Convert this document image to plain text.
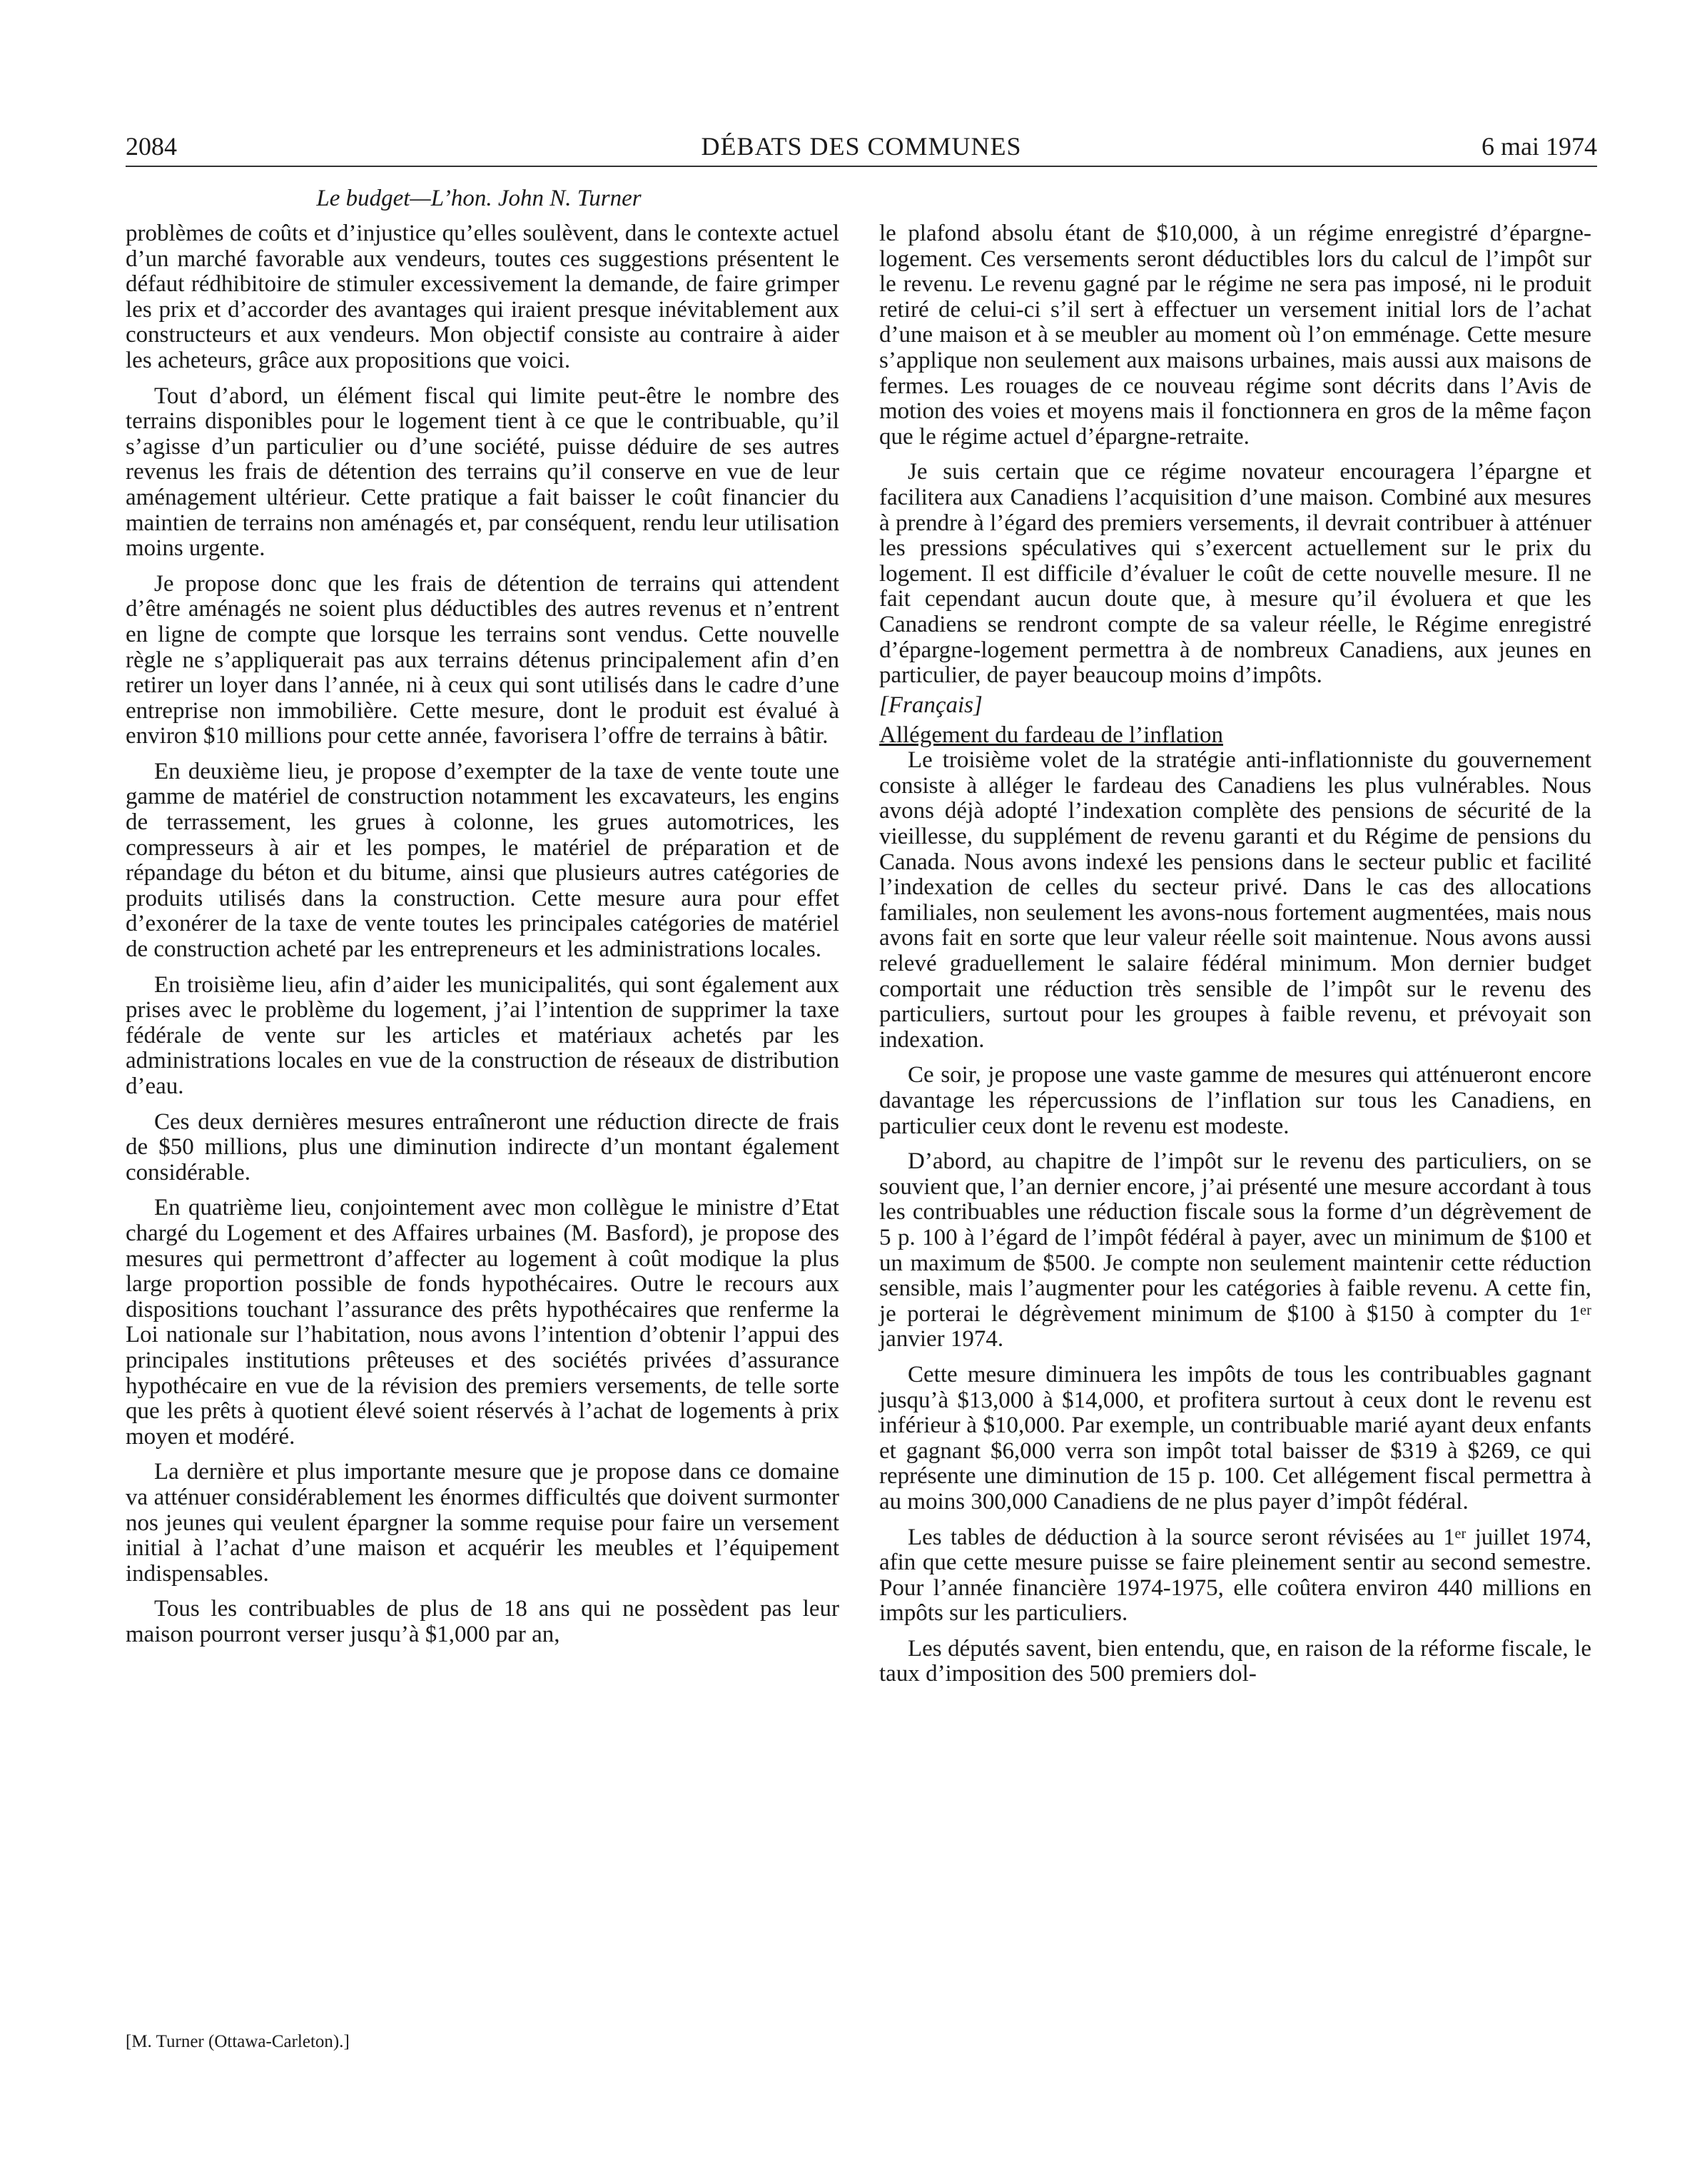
2084	DÉBATS DES COMMUNES	6 mai 1974
Le budget—L’hon. John N. Turner

problèmes de coûts et d’injustice qu’elles soulèvent, dans le contexte actuel d’un marché favorable aux vendeurs, toutes ces suggestions présentent le défaut rédhibitoire de stimuler excessivement la demande, de faire grimper les prix et d’accorder des avantages qui iraient presque inévitablement aux constructeurs et aux vendeurs. Mon objectif consiste au contraire à aider les acheteurs, grâce aux propositions que voici.

Tout d’abord, un élément fiscal qui limite peut-être le nombre des terrains disponibles pour le logement tient à ce que le contribuable, qu’il s’agisse d’un particulier ou d’une société, puisse déduire de ses autres revenus les frais de détention des terrains qu’il conserve en vue de leur aménagement ultérieur. Cette pratique a fait baisser le coût financier du maintien de terrains non aménagés et, par conséquent, rendu leur utilisation moins urgente.

Je propose donc que les frais de détention de terrains qui attendent d’être aménagés ne soient plus déductibles des autres revenus et n’entrent en ligne de compte que lorsque les terrains sont vendus. Cette nouvelle règle ne s’appliquerait pas aux terrains détenus principalement afin d’en retirer un loyer dans l’année, ni à ceux qui sont utilisés dans le cadre d’une entreprise non immobilière. Cette mesure, dont le produit est évalué à environ $10 millions pour cette année, favorisera l’offre de terrains à bâtir.

En deuxième lieu, je propose d’exempter de la taxe de vente toute une gamme de matériel de construction notamment les excavateurs, les engins de terrassement, les grues à colonne, les grues automotrices, les compresseurs à air et les pompes, le matériel de préparation et de répandage du béton et du bitume, ainsi que plusieurs autres catégories de produits utilisés dans la construction. Cette mesure aura pour effet d’exonérer de la taxe de vente toutes les principales catégories de matériel de construction acheté par les entrepreneurs et les administrations locales.

En troisième lieu, afin d’aider les municipalités, qui sont également aux prises avec le problème du logement, j’ai l’intention de supprimer la taxe fédérale de vente sur les articles et matériaux achetés par les administrations locales en vue de la construction de réseaux de distribution d’eau.

Ces deux dernières mesures entraîneront une réduction directe de frais de $50 millions, plus une diminution indirecte d’un montant également considérable.

En quatrième lieu, conjointement avec mon collègue le ministre d’Etat chargé du Logement et des Affaires urbaines (M. Basford), je propose des mesures qui permettront d’affecter au logement à coût modique la plus large proportion possible de fonds hypothécaires. Outre le recours aux dispositions touchant l’assurance des prêts hypothécaires que renferme la Loi nationale sur l’habitation, nous avons l’intention d’obtenir l’appui des principales institutions prêteuses et des sociétés privées d’assurance hypothécaire en vue de la révision des premiers versements, de telle sorte que les prêts à quotient élevé soient réservés à l’achat de logements à prix moyen et modéré.

La dernière et plus importante mesure que je propose dans ce domaine va atténuer considérablement les énormes difficultés que doivent surmonter nos jeunes qui veulent épargner la somme requise pour faire un versement initial à l’achat d’une maison et acquérir les meubles et l’équipement indispensables.

Tous les contribuables de plus de 18 ans qui ne possèdent pas leur maison pourront verser jusqu’à $1,000 par an,

[M. Turner (Ottawa-Carleton).]

le plafond absolu étant de $10,000, à un régime enregistré d’épargne-logement. Ces versements seront déductibles lors du calcul de l’impôt sur le revenu. Le revenu gagné par le régime ne sera pas imposé, ni le produit retiré de celui-ci s’il sert à effectuer un versement initial lors de l’achat d’une maison et à se meubler au moment où l’on emménage. Cette mesure s’applique non seulement aux maisons urbaines, mais aussi aux maisons de fermes. Les rouages de ce nouveau régime sont décrits dans l’Avis de motion des voies et moyens mais il fonctionnera en gros de la même façon que le régime actuel d’épargne-retraite.

Je suis certain que ce régime novateur encouragera l’épargne et facilitera aux Canadiens l’acquisition d’une maison. Combiné aux mesures à prendre à l’égard des premiers versements, il devrait contribuer à atténuer les pressions spéculatives qui s’exercent actuellement sur le prix du logement. Il est difficile d’évaluer le coût de cette nouvelle mesure. Il ne fait cependant aucun doute que, à mesure qu’il évoluera et que les Canadiens se rendront compte de sa valeur réelle, le Régime enregistré d’épargne-logement permettra à de nombreux Canadiens, aux jeunes en particulier, de payer beaucoup moins d’impôts.

[Français]

Allégement du fardeau de l’inflation

Le troisième volet de la stratégie anti-inflationniste du gouvernement consiste à alléger le fardeau des Canadiens les plus vulnérables. Nous avons déjà adopté l’indexation complète des pensions de sécurité de la vieillesse, du supplément de revenu garanti et du Régime de pensions du Canada. Nous avons indexé les pensions dans le secteur public et facilité l’indexation de celles du secteur privé. Dans le cas des allocations familiales, non seulement les avons-nous fortement augmentées, mais nous avons fait en sorte que leur valeur réelle soit maintenue. Nous avons aussi relevé graduellement le salaire fédéral minimum. Mon dernier budget comportait une réduction très sensible de l’impôt sur le revenu des particuliers, surtout pour les groupes à faible revenu, et prévoyait son indexation.

Ce soir, je propose une vaste gamme de mesures qui atténueront encore davantage les répercussions de l’inflation sur tous les Canadiens, en particulier ceux dont le revenu est modeste.

D’abord, au chapitre de l’impôt sur le revenu des particuliers, on se souvient que, l’an dernier encore, j’ai présenté une mesure accordant à tous les contribuables une réduction fiscale sous la forme d’un dégrèvement de 5 p. 100 à l’égard de l’impôt fédéral à payer, avec un minimum de $100 et un maximum de $500. Je compte non seulement maintenir cette réduction sensible, mais l’augmenter pour les catégories à faible revenu. A cette fin, je porterai le dégrèvement minimum de $100 à $150 à compter du 1ᵉʳ janvier 1974.

Cette mesure diminuera les impôts de tous les contribuables gagnant jusqu’à $13,000 à $14,000, et profitera surtout à ceux dont le revenu est inférieur à $10,000. Par exemple, un contribuable marié ayant deux enfants et gagnant $6,000 verra son impôt total baisser de $319 à $269, ce qui représente une diminution de 15 p. 100. Cet allégement fiscal permettra à au moins 300,000 Canadiens de ne plus payer d’impôt fédéral.

Les tables de déduction à la source seront révisées au 1ᵉʳ juillet 1974, afin que cette mesure puisse se faire pleinement sentir au second semestre. Pour l’année financière 1974-1975, elle coûtera environ 440 millions en impôts sur les particuliers.

Les députés savent, bien entendu, que, en raison de la réforme fiscale, le taux d’imposition des 500 premiers dol-
